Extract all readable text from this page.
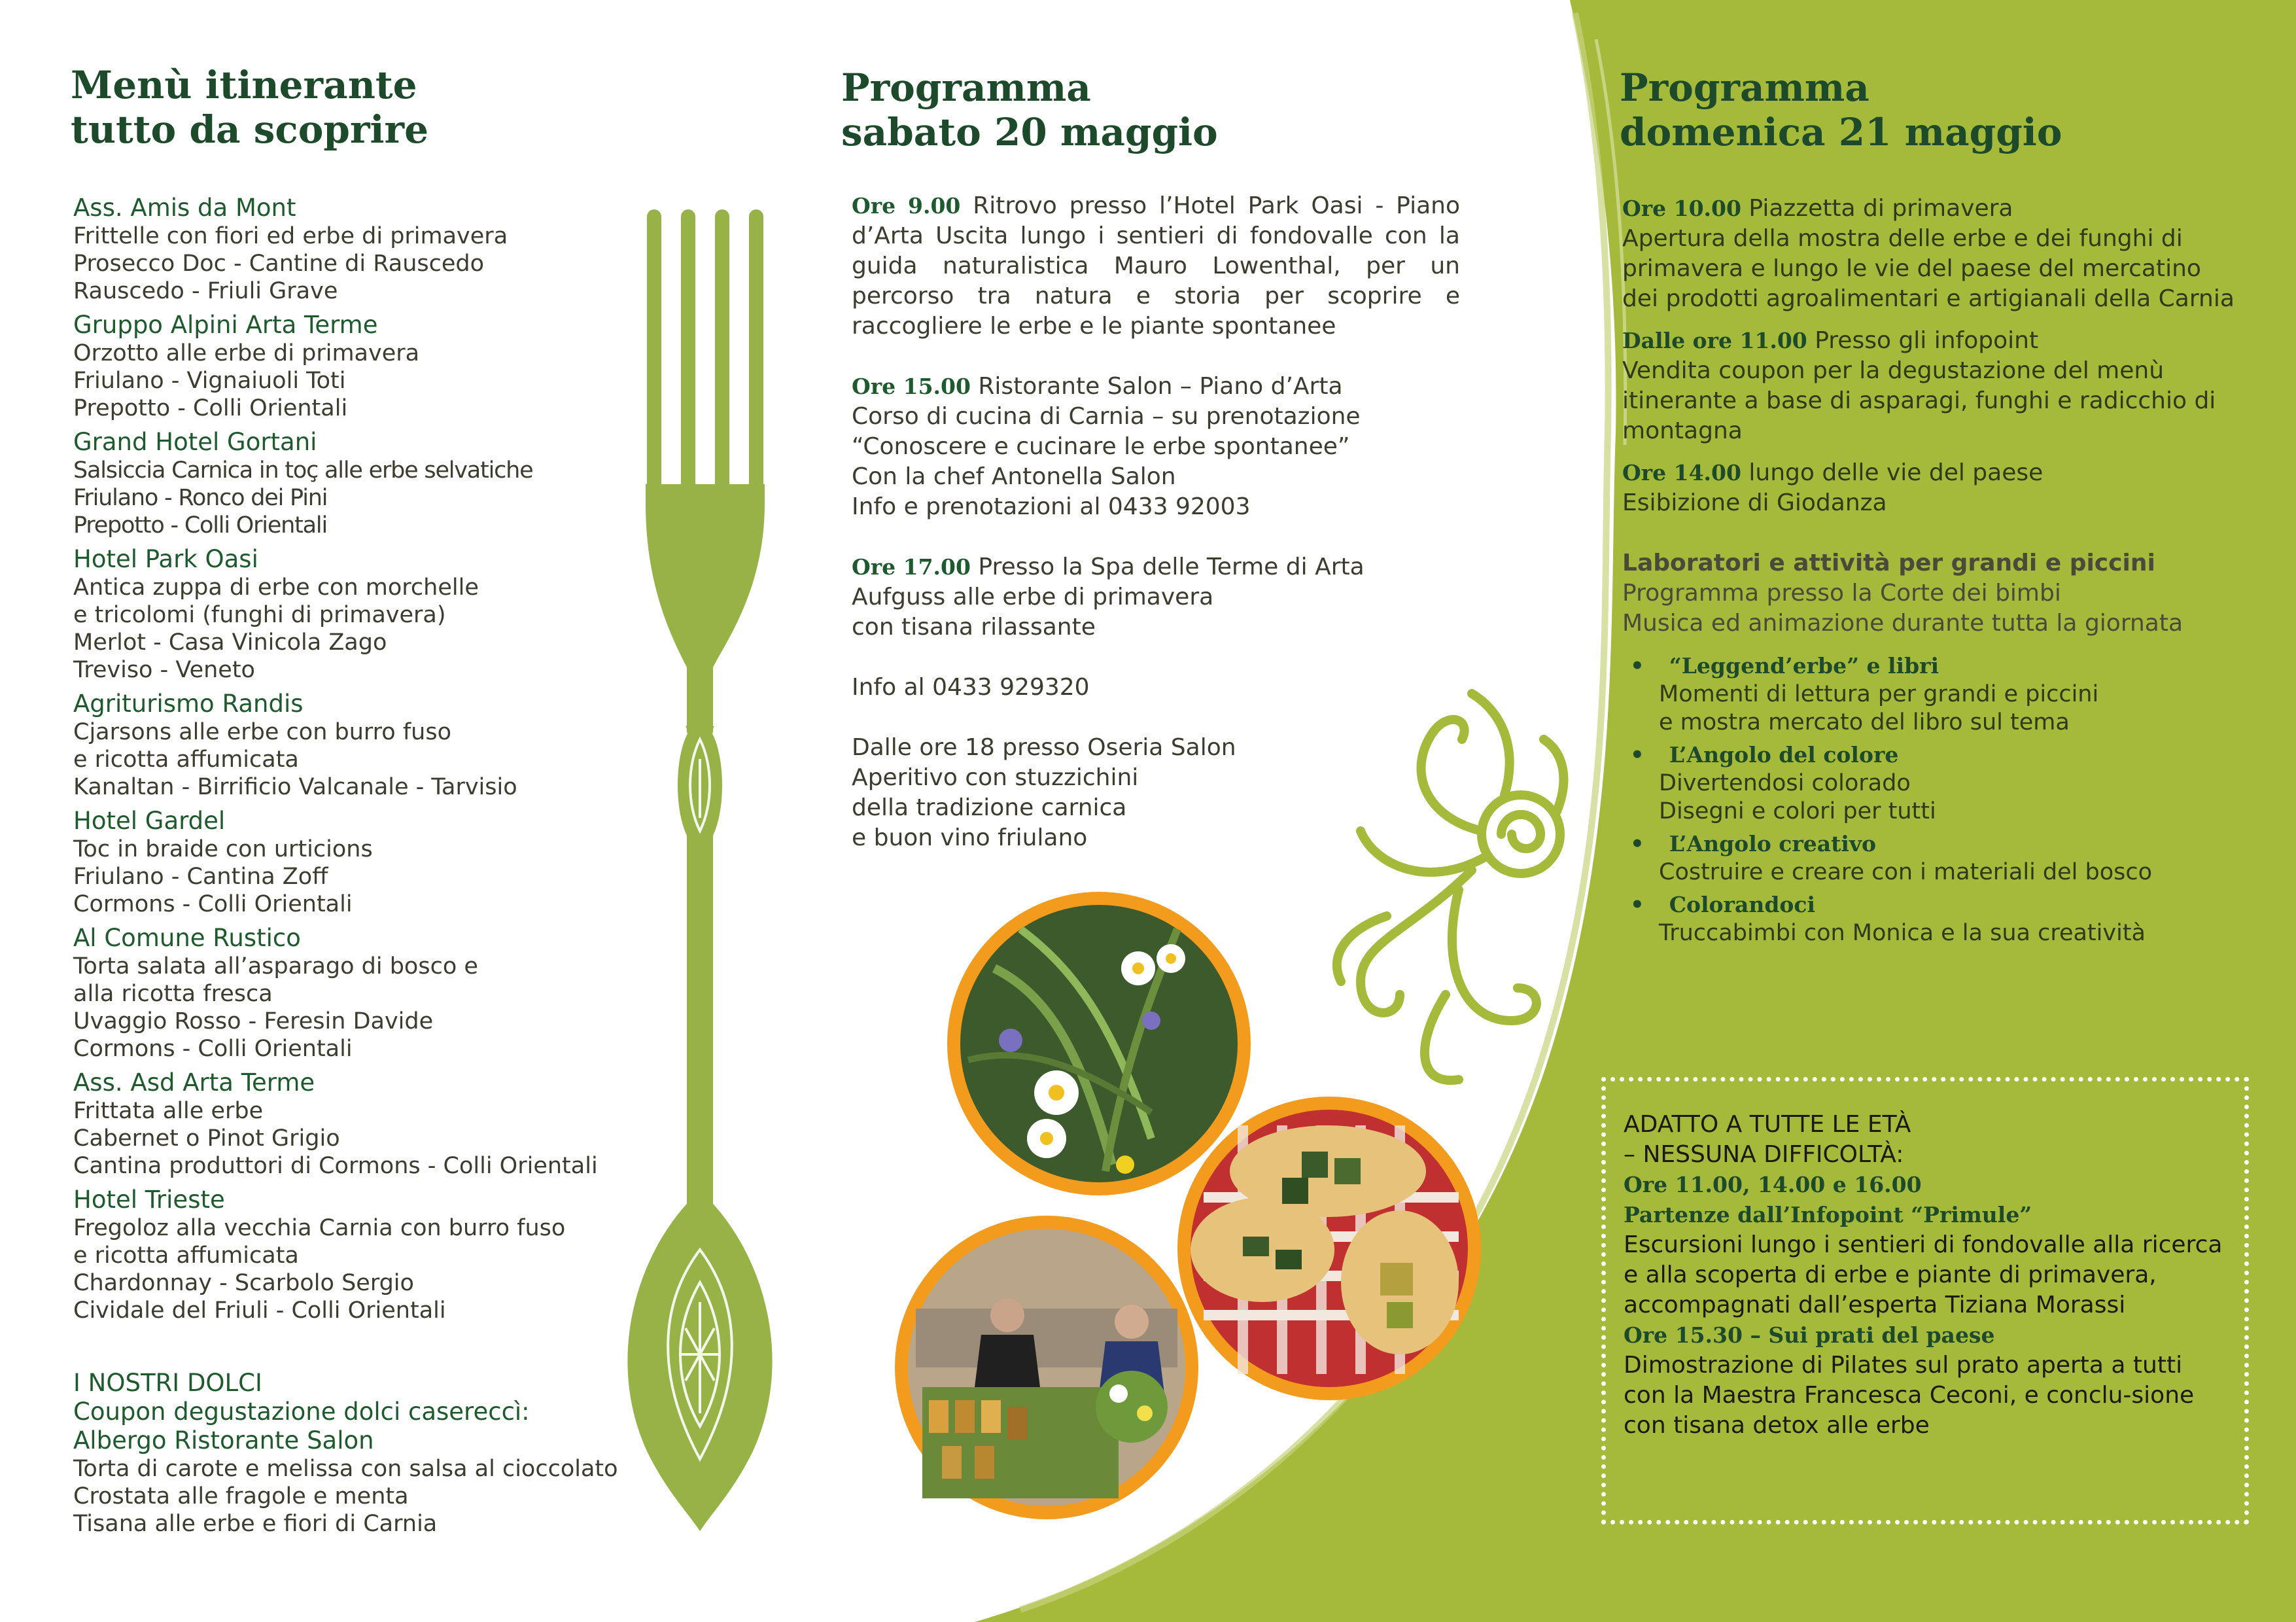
Menù itinerante
tutto da scoprire
Ass. Amis da Mont
Frittelle con fiori ed erbe di primavera
Prosecco Doc - Cantine di Rauscedo
Rauscedo - Friuli Grave
Gruppo Alpini Arta Terme
Orzotto alle erbe di primavera
Friulano - Vignaiuoli Toti
Prepotto - Colli Orientali
Grand Hotel Gortani
Salsiccia Carnica in toç alle erbe selvatiche
Friulano - Ronco dei Pini
Prepotto - Colli Orientali
Hotel Park Oasi
Antica zuppa di erbe con morchelle
e tricolomi (funghi di primavera)
Merlot - Casa Vinicola Zago
Treviso - Veneto
Agriturismo Randis
Cjarsons alle erbe con burro fuso
e ricotta affumicata
Kanaltan - Birrificio Valcanale - Tarvisio
Hotel Gardel
Toc in braide con urticions
Friulano - Cantina Zoff
Cormons - Colli Orientali
Al Comune Rustico
Torta salata all’asparago di bosco e
alla ricotta fresca
Uvaggio Rosso - Feresin Davide
Cormons - Colli Orientali
Ass. Asd Arta Terme
Frittata alle erbe
Cabernet o Pinot Grigio
Cantina produttori di Cormons - Colli Orientali
Hotel Trieste
Fregoloz alla vecchia Carnia con burro fuso
e ricotta affumicata
Chardonnay - Scarbolo Sergio
Cividale del Friuli - Colli Orientali
I NOSTRI DOLCI
Coupon degustazione dolci casereccì:
Albergo Ristorante Salon
Torta di carote e melissa con salsa al cioccolato
Crostata alle fragole e menta
Tisana alle erbe e fiori di Carnia
Programma
sabato 20 maggio
Ore 9.00 Ritrovo presso l’Hotel Park Oasi - Piano d’Arta Uscita lungo i sentieri di fondovalle con la guida naturalistica Mauro Lowenthal, per un percorso tra natura e storia per scoprire e raccogliere le erbe e le piante spontanee
Ore 15.00 Ristorante Salon – Piano d’Arta
Corso di cucina di Carnia – su prenotazione
“Conoscere e cucinare le erbe spontanee”
Con la chef Antonella Salon
Info e prenotazioni al 0433 92003
Ore 17.00 Presso la Spa delle Terme di Arta
Aufguss alle erbe di primavera
con tisana rilassante
Info al 0433 929320
Dalle ore 18 presso Oseria Salon
Aperitivo con stuzzichini
della tradizione carnica
e buon vino friulano
Programma
domenica 21 maggio
Ore 10.00 Piazzetta di primavera
Apertura della mostra delle erbe e dei funghi di primavera e lungo le vie del paese del mercatino dei prodotti agroalimentari e artigianali della Carnia
Dalle ore 11.00 Presso gli infopoint
Vendita coupon per la degustazione del menù itinerante a base di asparagi, funghi e radicchio di montagna
Ore 14.00 lungo delle vie del paese
Esibizione di Giodanza
Laboratori e attività per grandi e piccini
Programma presso la Corte dei bimbi
Musica ed animazione durante tutta la giornata
• “Leggend’erbe” e libri
Momenti di lettura per grandi e piccini
e mostra mercato del libro sul tema
• L’Angolo del colore
Divertendosi colorado
Disegni e colori per tutti
• L’Angolo creativo
Costruire e creare con i materiali del bosco
• Colorandoci
Truccabimbi con Monica e la sua creatività
ADATTO A TUTTE LE ETÀ
– NESSUNA DIFFICOLTÀ:
Ore 11.00, 14.00 e 16.00
Partenze dall’Infopoint “Primule”
Escursioni lungo i sentieri di fondovalle alla ricerca e alla scoperta di erbe e piante di primavera, accompagnati dall’esperta Tiziana Morassi
Ore 15.30 – Sui prati del paese
Dimostrazione di Pilates sul prato aperta a tutti con la Maestra Francesca Ceconi, e conclu-sione con tisana detox alle erbe
